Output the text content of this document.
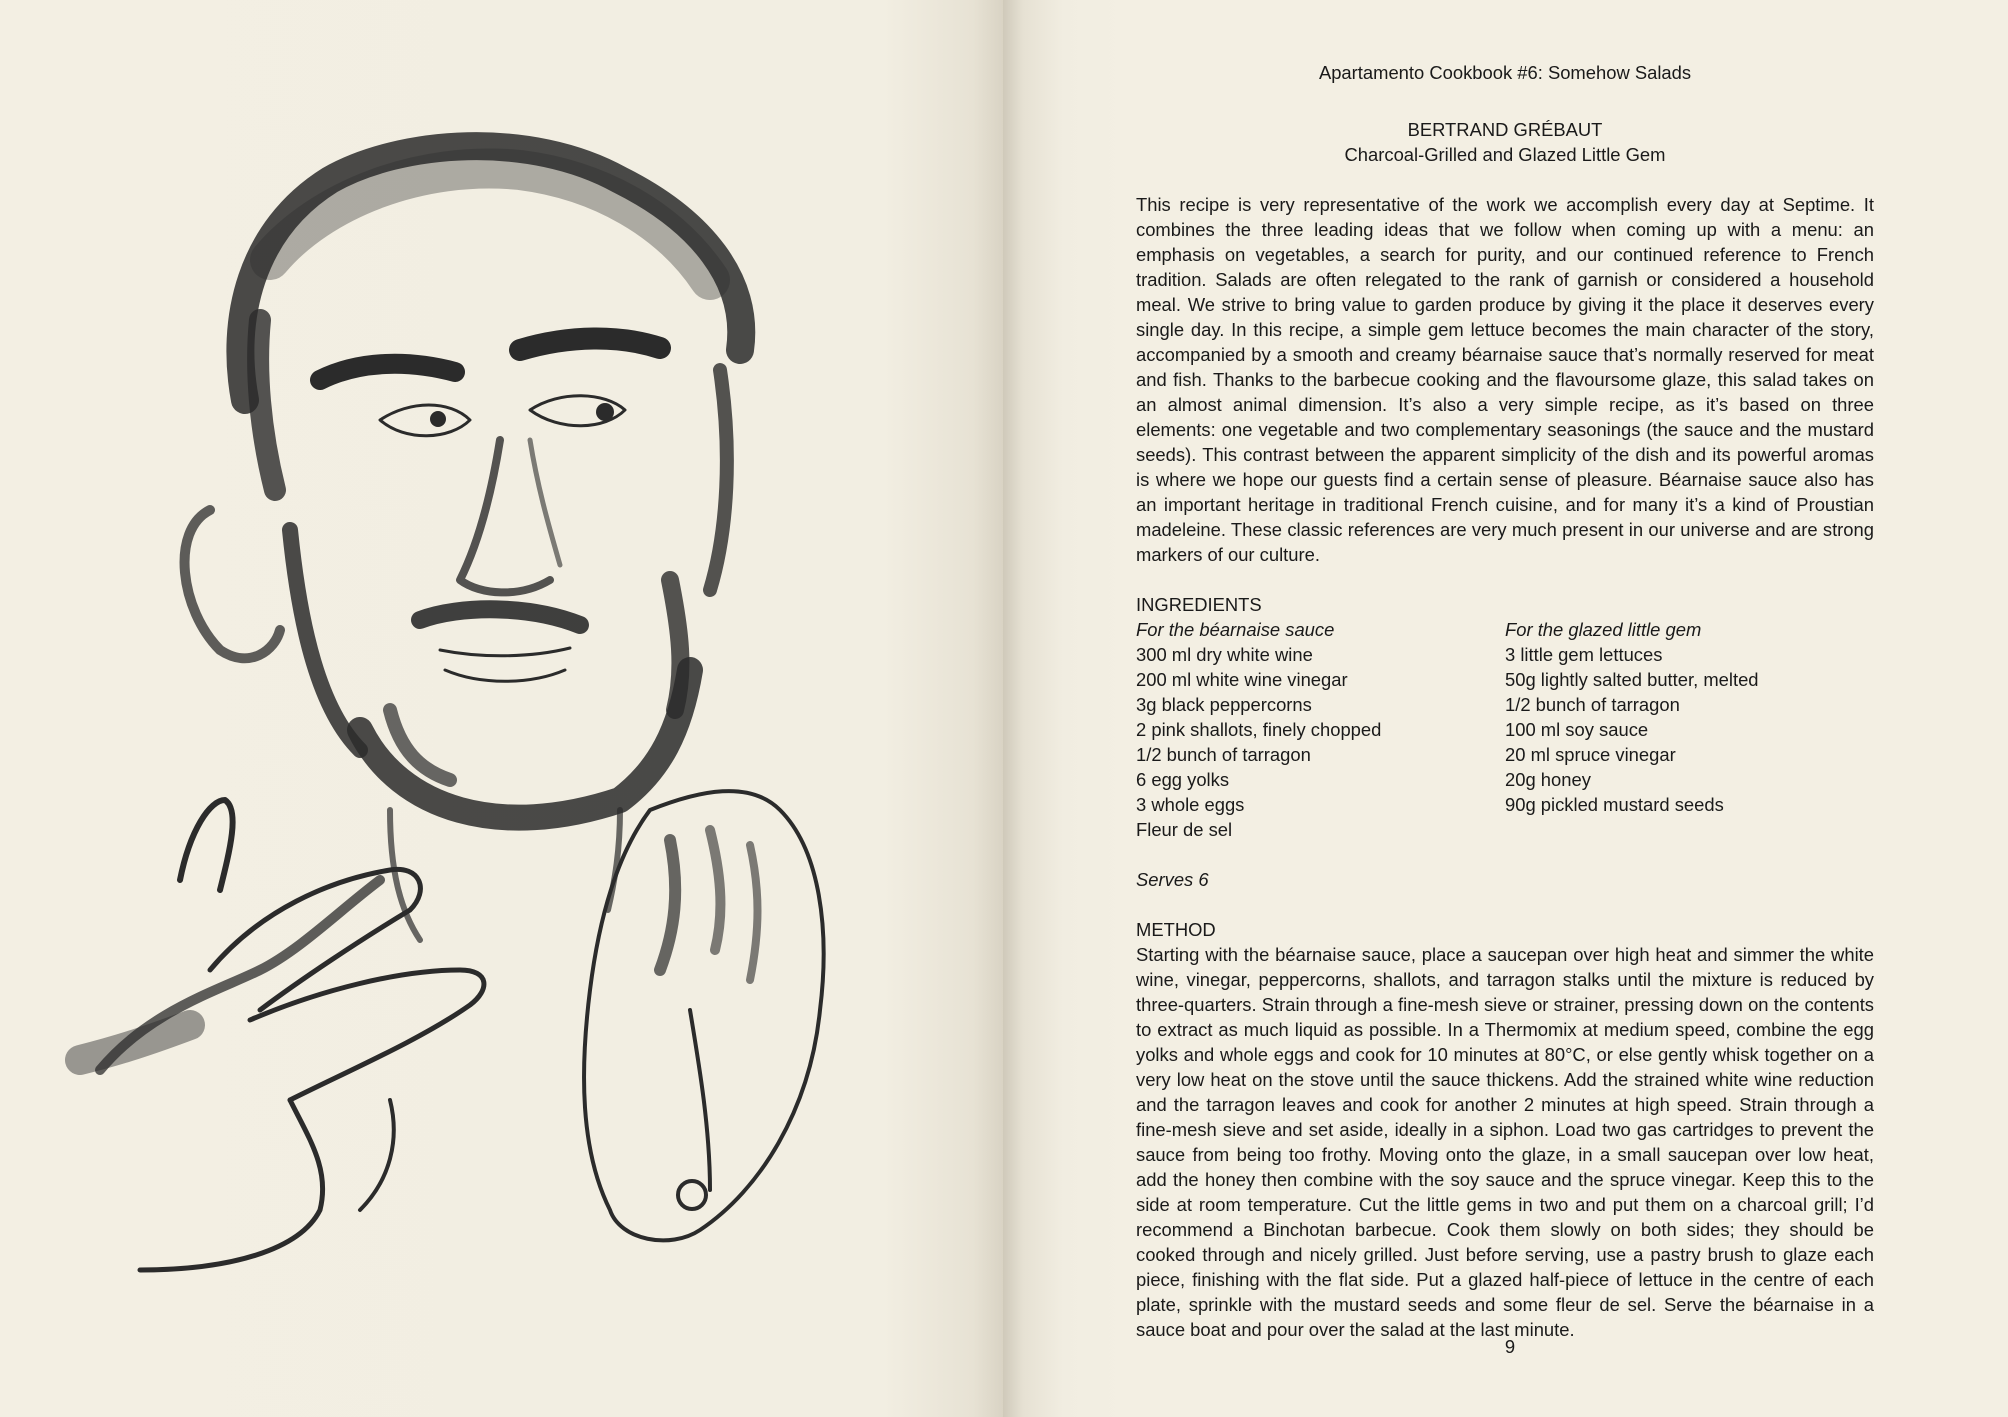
Apartamento Cookbook #6: Somehow Salads

BERTRAND GRÉBAUT

Charcoal-Grilled and Glazed Little Gem

This recipe is very representative of the work we accomplish every day at Septime. It combines the three leading ideas that we follow when coming up with a menu: an emphasis on vegetables, a search for purity, and our continued reference to French tradition. Salads are often relegated to the rank of garnish or considered a household meal. We strive to bring value to garden produce by giving it the place it deserves every single day. In this recipe, a simple gem lettuce becomes the main character of the story, accompanied by a smooth and creamy béarnaise sauce that’s normally reserved for meat and fish. Thanks to the barbecue cooking and the flavoursome glaze, this salad takes on an almost animal dimension. It’s also a very simple recipe, as it’s based on three elements: one vegetable and two complementary seasonings (the sauce and the mustard seeds). This contrast between the apparent simplicity of the dish and its powerful aromas is where we hope our guests find a certain sense of pleasure. Béarnaise sauce also has an important heritage in traditional French cuisine, and for many it’s a kind of Proustian madeleine. These classic references are very much present in our universe and are strong markers of our culture.

INGREDIENTS

For the béarnaise sauce
300 ml dry white wine
200 ml white wine vinegar
3g black peppercorns
2 pink shallots, finely chopped
1/2 bunch of tarragon
6 egg yolks
3 whole eggs
Fleur de sel
For the glazed little gem
3 little gem lettuces
50g lightly salted butter, melted
1/2 bunch of tarragon
100 ml soy sauce
20 ml spruce vinegar
20g honey
90g pickled mustard seeds

Serves 6

METHOD

Starting with the béarnaise sauce, place a saucepan over high heat and simmer the white wine, vinegar, peppercorns, shallots, and tarragon stalks until the mixture is reduced by three-quarters. Strain through a fine-mesh sieve or strainer, pressing down on the contents to extract as much liquid as possible. In a Thermomix at medium speed, combine the egg yolks and whole eggs and cook for 10 minutes at 80°C, or else gently whisk together on a very low heat on the stove until the sauce thickens. Add the strained white wine reduction and the tarragon leaves and cook for another 2 minutes at high speed. Strain through a fine-mesh sieve and set aside, ideally in a siphon. Load two gas cartridges to prevent the sauce from being too frothy. Moving onto the glaze, in a small saucepan over low heat, add the honey then combine with the soy sauce and the spruce vinegar. Keep this to the side at room temperature. Cut the little gems in two and put them on a charcoal grill; I’d recommend a Binchotan barbecue. Cook them slowly on both sides; they should be cooked through and nicely grilled. Just before serving, use a pastry brush to glaze each piece, finishing with the flat side. Put a glazed half-piece of lettuce in the centre of each plate, sprinkle with the mustard seeds and some fleur de sel. Serve the béarnaise in a sauce boat and pour over the salad at the last minute.

9
